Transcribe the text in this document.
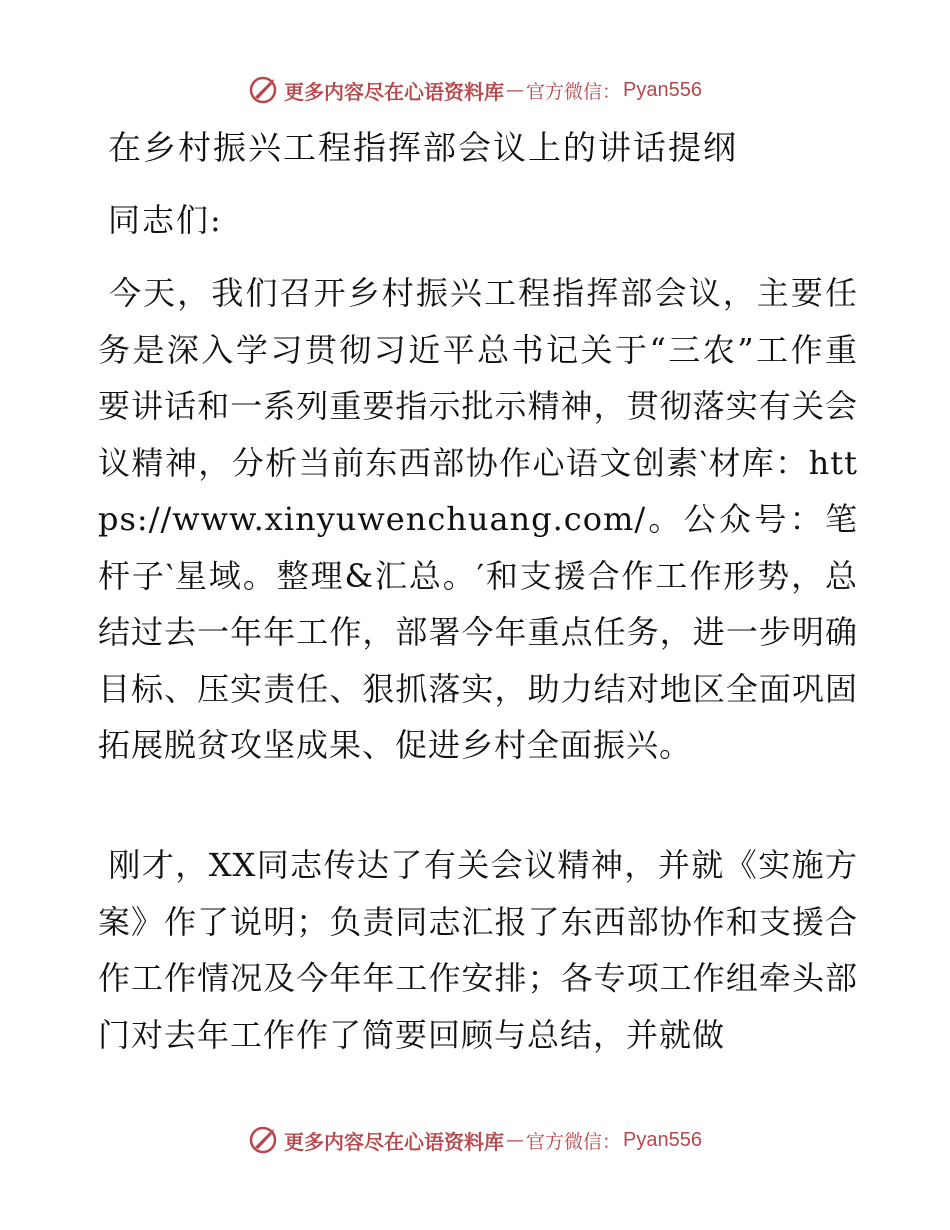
更多内容尽在心语资料库 — 官方微信： Pyan556
在乡村振兴工程指挥部会议上的讲话提纲
同志们:

今天，我们召开乡村振兴工程指挥部会议，主要任务是深入学习贯彻习近平总书记关于“三农”工作重要讲话和一系列重要指示批示精神，贯彻落实有关会议精神，分析当前东西部协作心语文创素‵材库：https://www.xinyuwenchuang.com/。公众号：笔杆子‵星域。整理&汇总。′和支援合作工作形势，总结过去一年年工作，部署今年重点任务，进一步明确目标、压实责任、狠抓落实，助力结对地区全面巩固拓展脱贫攻坚成果、促进乡村全面振兴。

刚才，XX同志传达了有关会议精神，并就《实施方案》作了说明；负责同志汇报了东西部协作和支援合作工作情况及今年年工作安排；各专项工作组牵头部门对去年工作作了简要回顾与总结，并就做

更多内容尽在心语资料库 — 官方微信： Pyan556
